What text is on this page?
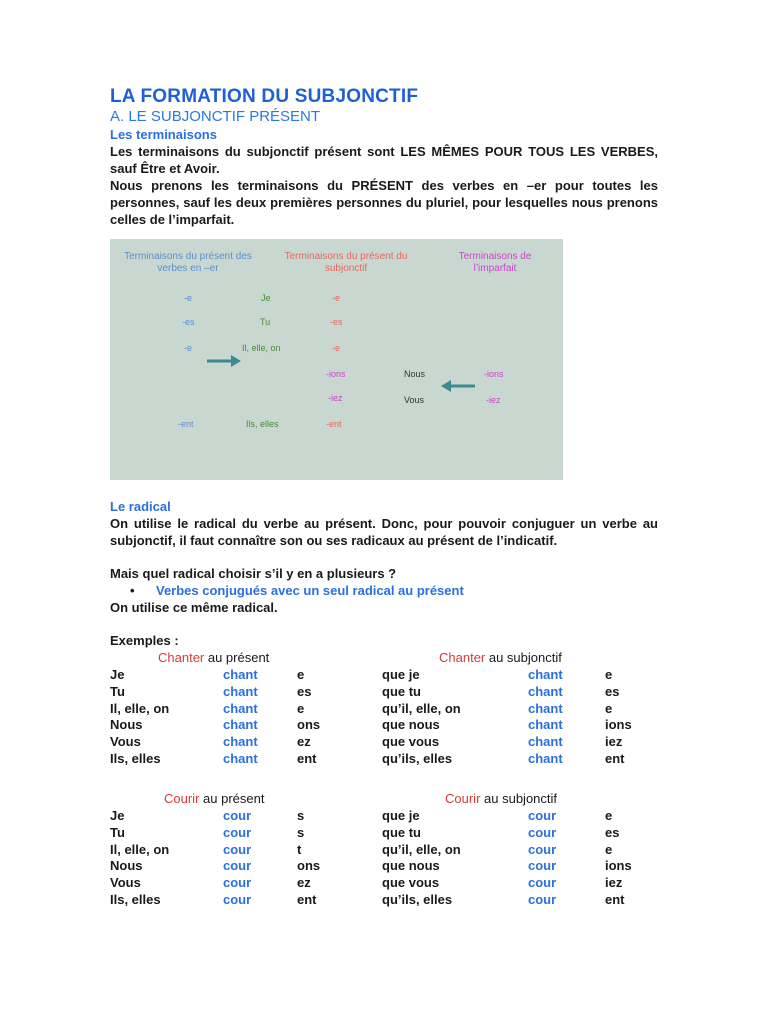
LA FORMATION DU SUBJONCTIF
A. LE SUBJONCTIF PRÉSENT
Les terminaisons

Les terminaisons du subjonctif présent sont LES MÊMES POUR TOUS LES VERBES, sauf Être et Avoir.

Nous prenons les terminaisons du PRÉSENT des verbes en –er pour toutes les personnes, sauf les deux premières personnes du pluriel, pour lesquelles nous prenons celles de l’imparfait.

Terminaisons du présent des verbes en –er
Terminaisons du présent du subjonctif
Terminaisons de l’imparfait
-e
-es
-e
-ent
Je
Tu
Il, elle, on
Ils, elles
-e
-es
-e
-ions
-iez
-ent
Nous
Vous
-ions
-iez
Le radical

On utilise le radical du verbe au présent. Donc, pour pouvoir conjuguer un verbe au subjonctif, il faut connaître son ou ses radicaux au présent de l’indicatif.

Mais quel radical choisir s’il y en a plusieurs ?

• Verbes conjugués avec un seul radical au présent

On utilise ce même radical.

Exemples :

Chanter au présent	Chanter au subjonctif
Je	chant	e	que je	chant	e
Tu	chant	es	que tu	chant	es
Il, elle, on	chant	e	qu’il, elle, on	chant	e
Nous	chant	ons	que nous	chant	ions
Vous	chant	ez	que vous	chant	iez
Ils, elles	chant	ent	qu’ils, elles	chant	ent
Courir au présent	Courir au subjonctif
Je	cour	s	que je	cour	e
Tu	cour	s	que tu	cour	es
Il, elle, on	cour	t	qu’il, elle, on	cour	e
Nous	cour	ons	que nous	cour	ions
Vous	cour	ez	que vous	cour	iez
Ils, elles	cour	ent	qu’ils, elles	cour	ent
